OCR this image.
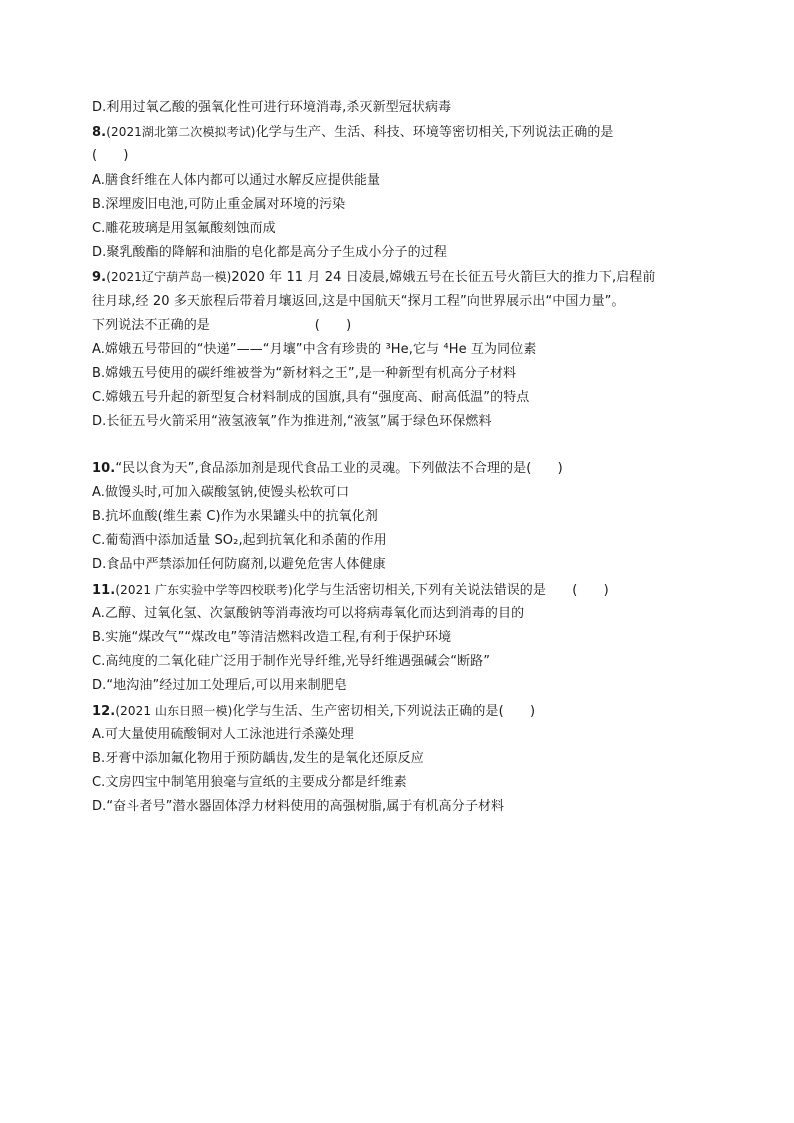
D.利用过氧乙酸的强氧化性可进行环境消毒,杀灭新型冠状病毒
8.(2021湖北第二次模拟考试)化学与生产、生活、科技、环境等密切相关,下列说法正确的是
(　　)
A.膳食纤维在人体内都可以通过水解反应提供能量
B.深埋废旧电池,可防止重金属对环境的污染
C.雕花玻璃是用氢氟酸刻蚀而成
D.聚乳酸酯的降解和油脂的皂化都是高分子生成小分子的过程
9.(2021辽宁葫芦岛一模)2020 年 11 月 24 日凌晨,嫦娥五号在长征五号火箭巨大的推力下,启程前
往月球,经 20 多天旅程后带着月壤返回,这是中国航天“探月工程”向世界展示出“中国力量”。
下列说法不正确的是　　　　　　　　(　　)
A.嫦娥五号带回的“快递”——“月壤”中含有珍贵的 ³He,它与 ⁴He 互为同位素
B.嫦娥五号使用的碳纤维被誉为“新材料之王”,是一种新型有机高分子材料
C.嫦娥五号升起的新型复合材料制成的国旗,具有“强度高、耐高低温”的特点
D.长征五号火箭采用“液氢液氧”作为推进剂,“液氢”属于绿色环保燃料
10.“民以食为天”,食品添加剂是现代食品工业的灵魂。下列做法不合理的是(　　)
A.做馒头时,可加入碳酸氢钠,使馒头松软可口
B.抗坏血酸(维生素 C)作为水果罐头中的抗氧化剂
C.葡萄酒中添加适量 SO₂,起到抗氧化和杀菌的作用
D.食品中严禁添加任何防腐剂,以避免危害人体健康
11.(2021 广东实验中学等四校联考)化学与生活密切相关,下列有关说法错误的是　　(　　)
A.乙醇、过氧化氢、次氯酸钠等消毒液均可以将病毒氧化而达到消毒的目的
B.实施“煤改气”“煤改电”等清洁燃料改造工程,有利于保护环境
C.高纯度的二氧化硅广泛用于制作光导纤维,光导纤维遇强碱会“断路”
D.“地沟油”经过加工处理后,可以用来制肥皂
12.(2021 山东日照一模)化学与生活、生产密切相关,下列说法正确的是(　　)
A.可大量使用硫酸铜对人工泳池进行杀藻处理
B.牙膏中添加氟化物用于预防龋齿,发生的是氧化还原反应
C.文房四宝中制笔用狼毫与宣纸的主要成分都是纤维素
D.“奋斗者号”潜水器固体浮力材料使用的高强树脂,属于有机高分子材料
